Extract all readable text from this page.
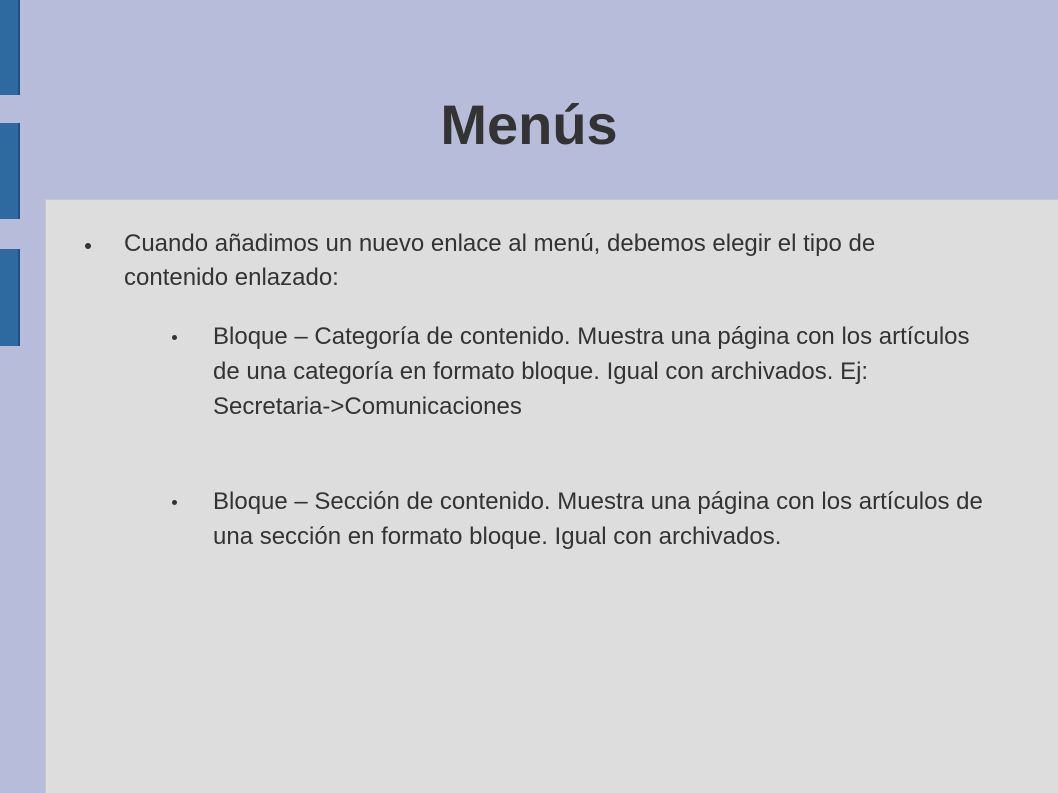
Menús
Cuando añadimos un nuevo enlace al menú, debemos elegir el tipo de contenido enlazado:
Bloque – Categoría de contenido. Muestra una página con los artículos de una categoría en formato bloque. Igual con archivados. Ej: Secretaria->Comunicaciones
Bloque – Sección de contenido. Muestra una página con los artículos de una sección en formato bloque. Igual con archivados.
